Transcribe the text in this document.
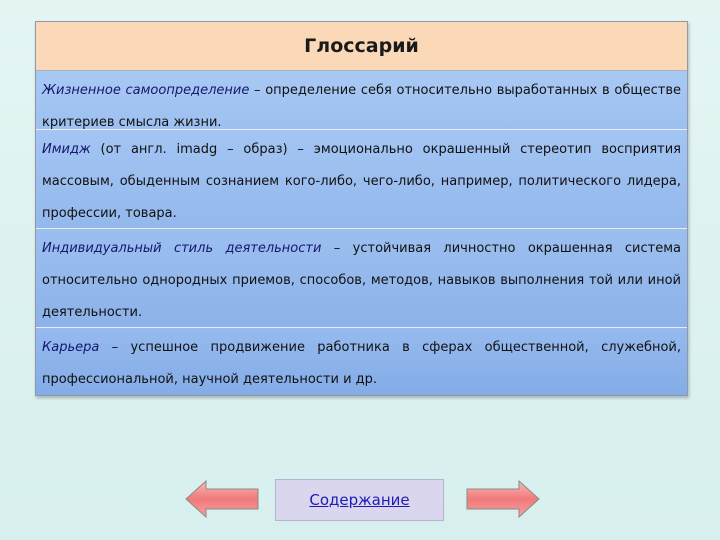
Глоссарий
Жизненное самоопределение – определение себя относительно выработанных в обществе критериев смысла жизни.
Имидж (от англ. imadg – образ) – эмоционально окрашенный стереотип восприятия массовым, обыденным сознанием кого-либо, чего-либо, например, политического лидера, профессии, товара.
Индивидуальный стиль деятельности – устойчивая личностно окрашенная система относительно однородных приемов, способов, методов, навыков выполнения той или иной деятельности.
Карьера – успешное продвижение работника в сферах общественной, служебной, профессиональной, научной деятельности и др.
Содержание
